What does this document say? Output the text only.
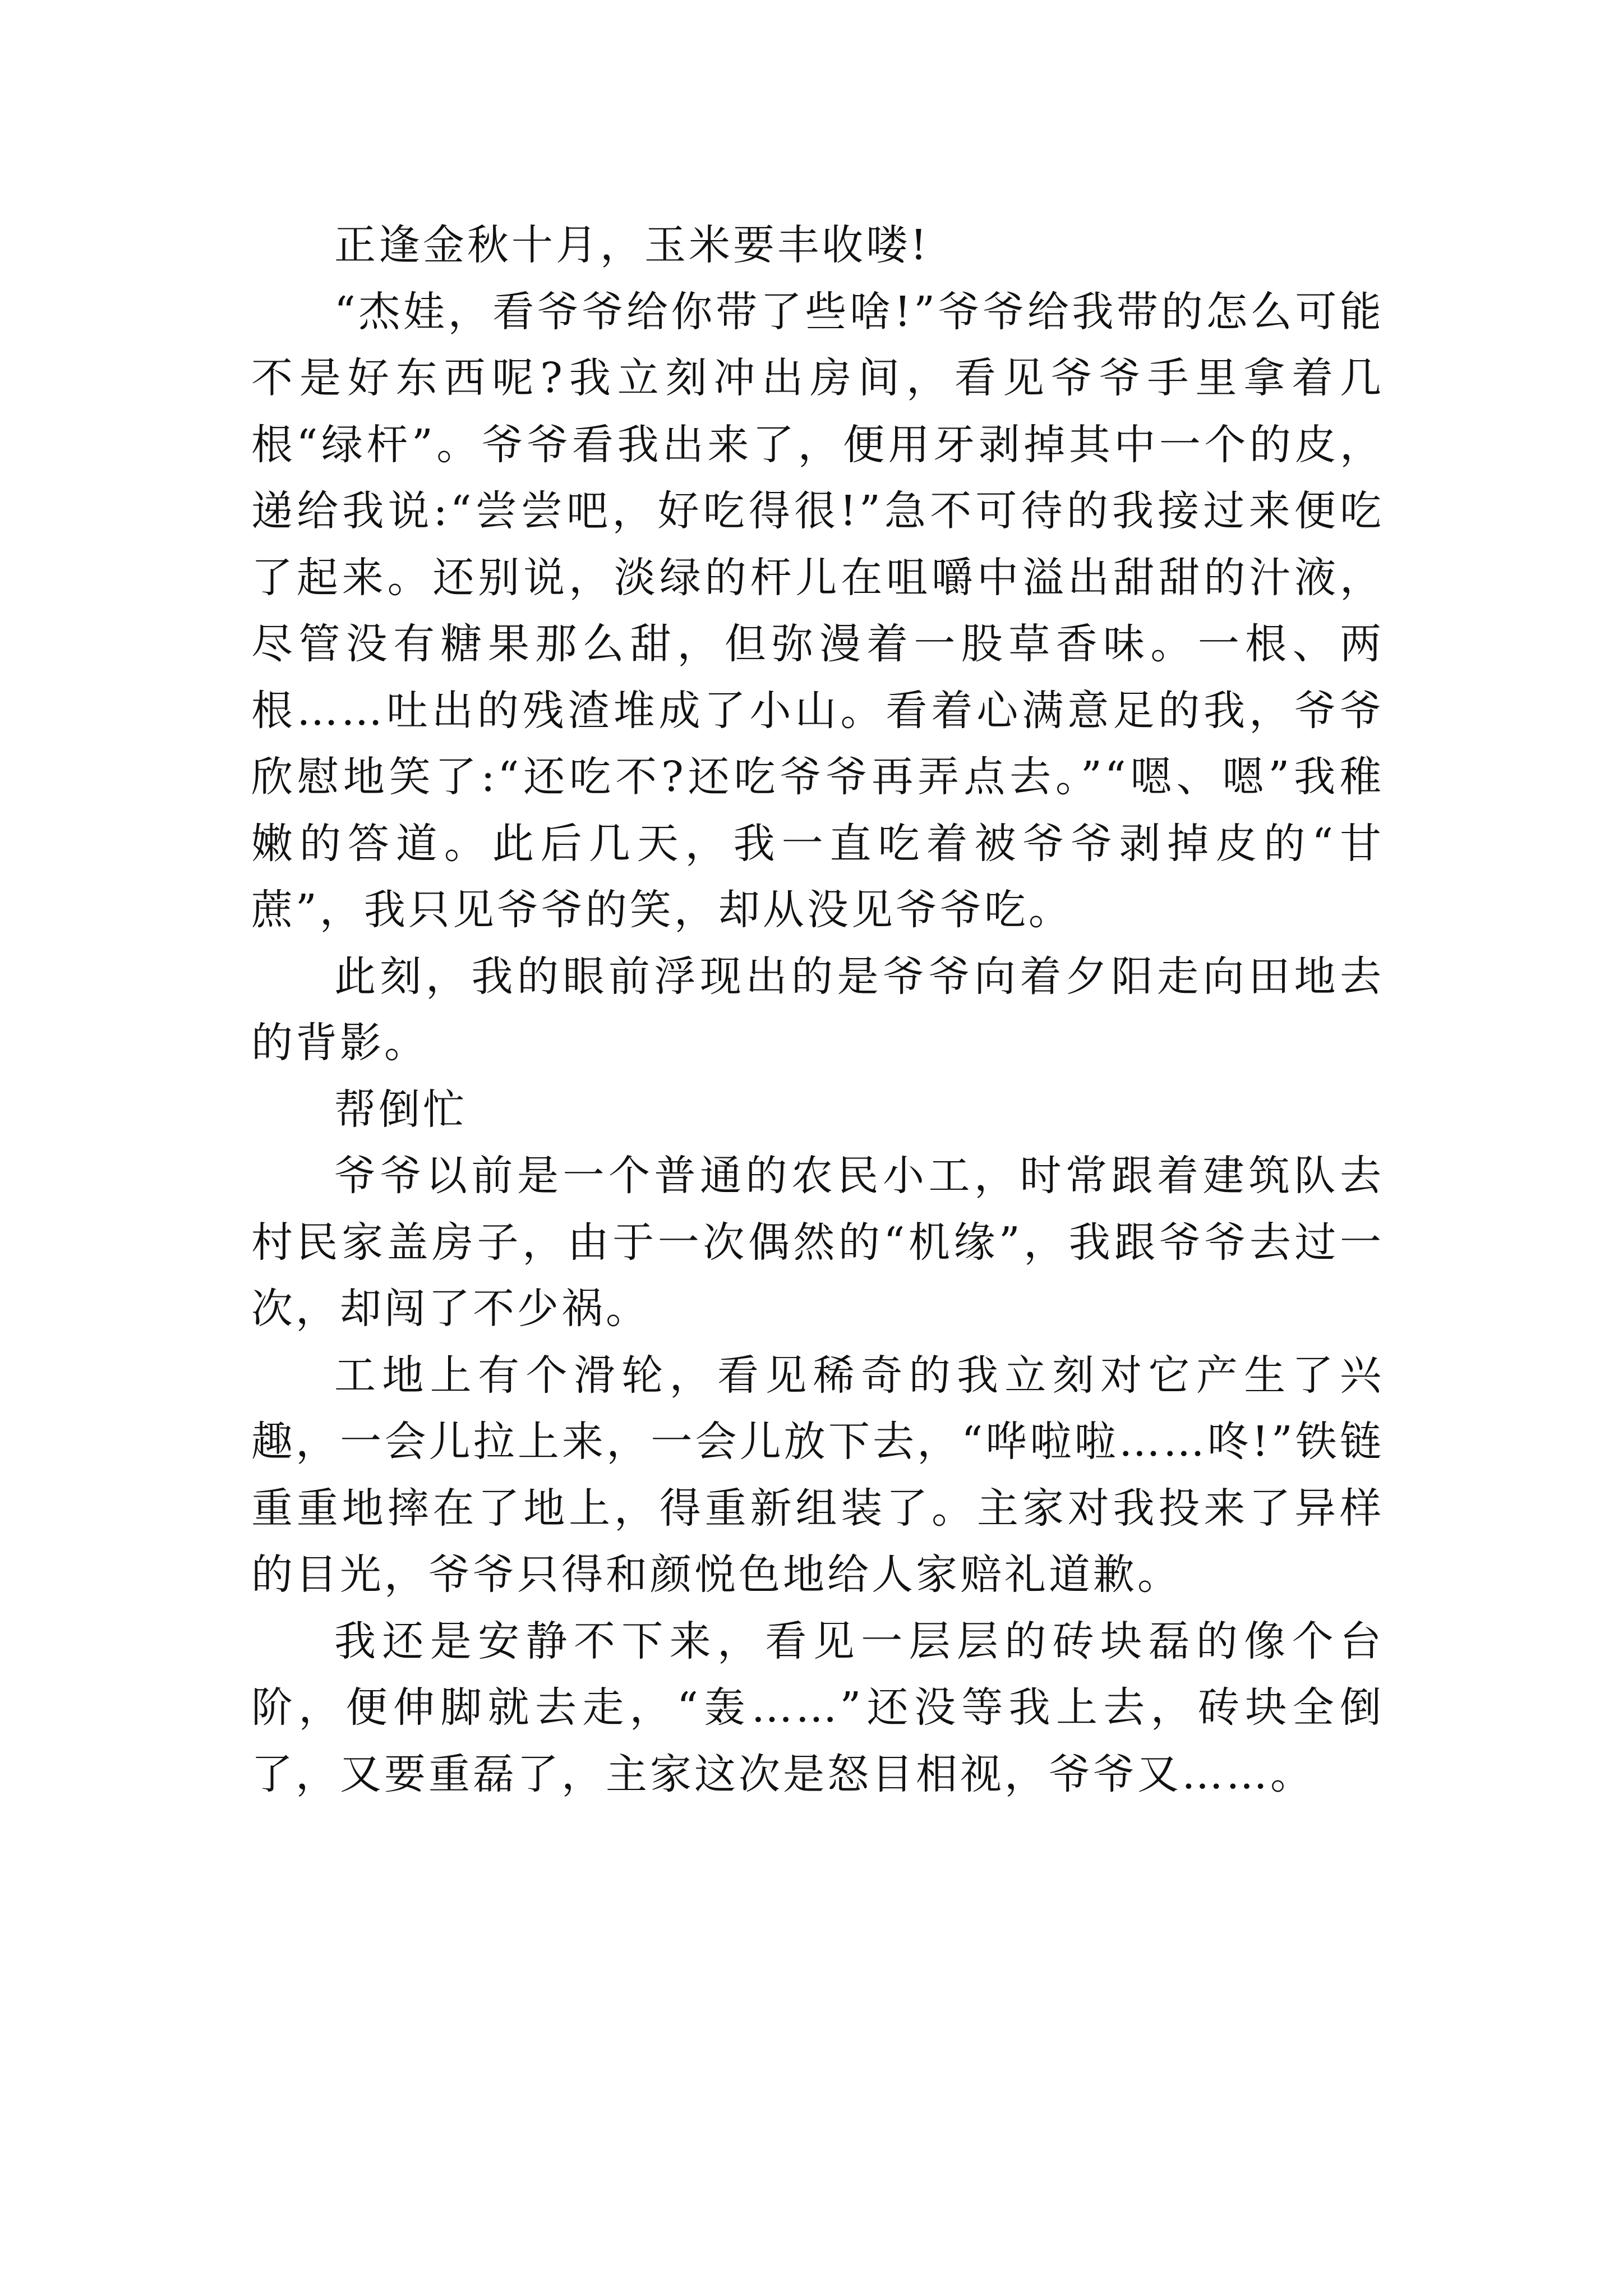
正逢金秋十月，玉米要丰收喽!

“杰娃，看爷爷给你带了些啥!”爷爷给我带的怎么可能不是好东西呢?我立刻冲出房间，看见爷爷手里拿着几根“绿杆”。爷爷看我出来了，便用牙剥掉其中一个的皮，递给我说:“尝尝吧，好吃得很!”急不可待的我接过来便吃了起来。还别说，淡绿的杆儿在咀嚼中溢出甜甜的汁液，尽管没有糖果那么甜，但弥漫着一股草香味。一根、两根……吐出的残渣堆成了小山。看着心满意足的我，爷爷欣慰地笑了:“还吃不?还吃爷爷再弄点去。”“嗯、嗯”我稚嫩的答道。此后几天，我一直吃着被爷爷剥掉皮的“甘蔗”，我只见爷爷的笑，却从没见爷爷吃。

此刻，我的眼前浮现出的是爷爷向着夕阳走向田地去的背影。

帮倒忙

爷爷以前是一个普通的农民小工，时常跟着建筑队去村民家盖房子，由于一次偶然的“机缘”，我跟爷爷去过一次，却闯了不少祸。

工地上有个滑轮，看见稀奇的我立刻对它产生了兴趣，一会儿拉上来，一会儿放下去，“哗啦啦……咚!”铁链重重地摔在了地上，得重新组装了。主家对我投来了异样的目光，爷爷只得和颜悦色地给人家赔礼道歉。

我还是安静不下来，看见一层层的砖块磊的像个台阶，便伸脚就去走，“轰……”还没等我上去，砖块全倒了，又要重磊了，主家这次是怒目相视，爷爷又……。
